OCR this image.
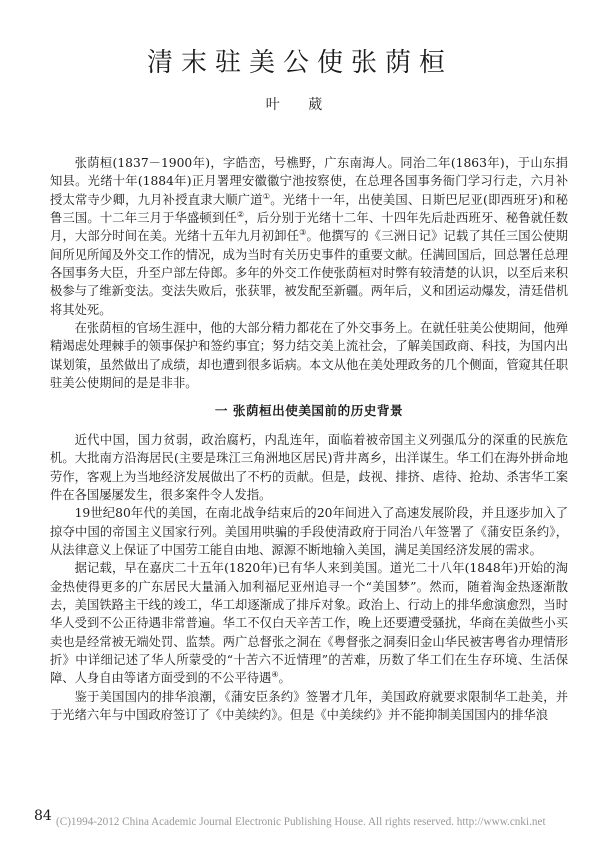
清末驻美公使张荫桓
叶 葳

张荫桓(1837－1900年)，字皓峦，号樵野，广东南海人。同治二年(1863年)，于山东捐知县。光绪十年(1884年)正月署理安徽徽宁池按察使，在总理各国事务衙门学习行走，六月补授太常寺少卿，九月补授直隶大顺广道①。光绪十一年，出使美国、日斯巴尼亚(即西班牙)和秘鲁三国。十二年三月于华盛顿到任②，后分别于光绪十二年、十四年先后赴西班牙、秘鲁就任数月，大部分时间在美。光绪十五年九月初卸任③。他撰写的《三洲日记》记载了其任三国公使期间所见所闻及外交工作的情况，成为当时有关历史事件的重要文献。任满回国后，回总署任总理各国事务大臣，升至户部左侍郎。多年的外交工作使张荫桓对时弊有较清楚的认识，以至后来积极参与了维新变法。变法失败后，张获罪，被发配至新疆。两年后，义和团运动爆发，清廷借机将其处死。

在张荫桓的官场生涯中，他的大部分精力都花在了外交事务上。在就任驻美公使期间，他殚精竭虑处理棘手的领事保护和签约事宜；努力结交美上流社会，了解美国政商、科技，为国内出谋划策，虽然做出了成绩，却也遭到很多诟病。本文从他在美处理政务的几个侧面，管窥其任职驻美公使期间的是是非非。

一 张荫桓出使美国前的历史背景

近代中国，国力贫弱，政治腐朽，内乱连年，面临着被帝国主义列强瓜分的深重的民族危机。大批南方沿海居民(主要是珠江三角洲地区居民)背井离乡，出洋谋生。华工们在海外拼命地劳作，客观上为当地经济发展做出了不朽的贡献。但是，歧视、排挤、虐待、抢劫、杀害华工案件在各国屡屡发生，很多案件令人发指。

19世纪80年代的美国，在南北战争结束后的20年间进入了高速发展阶段，并且逐步加入了掠夺中国的帝国主义国家行列。美国用哄骗的手段使清政府于同治八年签署了《蒲安臣条约》，从法律意义上保证了中国劳工能自由地、源源不断地输入美国，满足美国经济发展的需求。

据记载，早在嘉庆二十五年(1820年)已有华人来到美国。道光二十八年(1848年)开始的淘金热使得更多的广东居民大量涌入加利福尼亚州追寻一个“美国梦”。然而，随着淘金热逐渐散去，美国铁路主干线的竣工，华工却逐渐成了排斥对象。政治上、行动上的排华愈演愈烈，当时华人受到不公正待遇非常普遍。华工不仅白天辛苦工作，晚上还要遭受骚扰，华商在美做些小买卖也是经常被无端处罚、监禁。两广总督张之洞在《粤督张之洞奏旧金山华民被害粤省办理情形折》中详细记述了华人所蒙受的“十苦六不近情理”的苦难，历数了华工们在生存环境、生活保障、人身自由等诸方面受到的不公平待遇④。

鉴于美国国内的排华浪潮，《蒲安臣条约》签署才几年，美国政府就要求限制华工赴美，并于光绪六年与中国政府签订了《中美续约》。但是《中美续约》并不能抑制美国国内的排华浪

84 (C)1994-2012 China Academic Journal Electronic Publishing House. All rights reserved. http://www.cnki.net
